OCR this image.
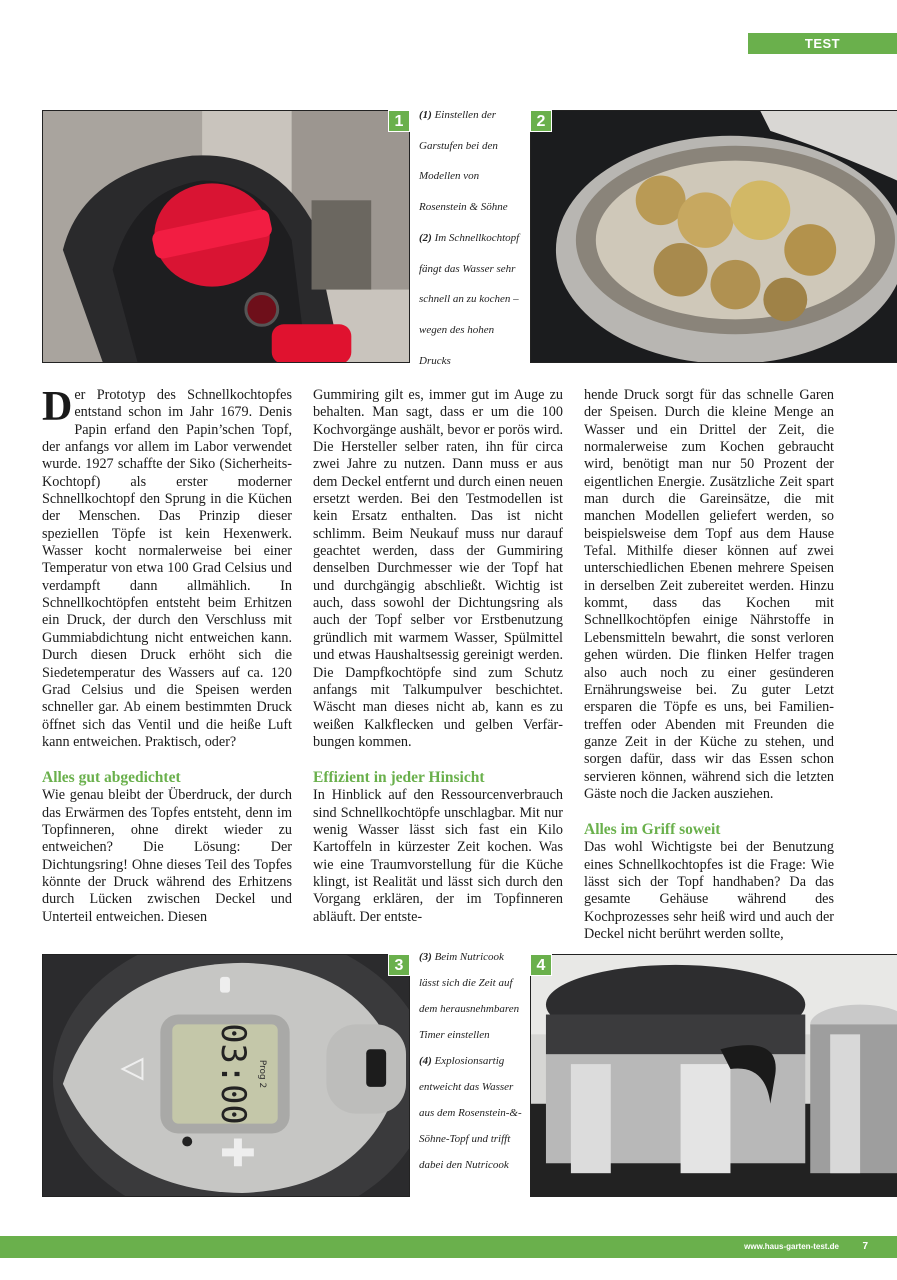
TEST
1	(1) Einstellen der Garstufen bei den Modellen von Rosenstein & Söhne
(2) Im Schnellkochtopf fängt das Wasser sehr schnell an zu kochen – wegen des hohen Drucks
2

Der Prototyp des Schnellkochtopfes entstand schon im Jahr 1679. Denis Papin erfand den Papin’schen Topf, der anfangs vor allem im Labor verwendet wurde. 1927 schaffte der Siko (Sicherheits-Kochtopf) als erster moderner Schnellkochtopf den Sprung in die Küchen der Menschen. Das Prinzip dieser speziellen Töpfe ist kein Hexenwerk. Wasser kocht normalerweise bei einer Temperatur von etwa 100 Grad Celsius und verdampft dann allmählich. In Schnellkochtöpfen entsteht beim Erhitzen ein Druck, der durch den Verschluss mit Gummiabdichtung nicht entweichen kann. Durch diesen Druck erhöht sich die Siedetemperatur des Wassers auf ca. 120 Grad Celsius und die Speisen werden schneller gar. Ab einem bestimmten Druck öffnet sich das Ventil und die heiße Luft kann entweichen. Praktisch, oder?

Alles gut abgedichtet

Wie genau bleibt der Überdruck, der durch das Erwärmen des Topfes entsteht, denn im Topfinneren, ohne direkt wieder zu entweichen? Die Lösung: Der Dichtungsring! Ohne dieses Teil des Topfes könnte der Druck während des Erhitzens durch Lücken zwischen Deckel und Unterteil entweichen. Diesen

Gummiring gilt es, immer gut im Auge zu behalten. Man sagt, dass er um die 100 Kochvorgänge aushält, bevor er porös wird. Die Hersteller selber raten, ihn für circa zwei Jahre zu nutzen. Dann muss er aus dem Deckel entfernt und durch einen neuen ersetzt werden. Bei den Testmodellen ist kein Ersatz enthalten. Das ist nicht schlimm. Beim Neukauf muss nur darauf geachtet werden, dass der Gummiring denselben Durchmesser wie der Topf hat und durchgängig abschließt. Wichtig ist auch, dass sowohl der Dichtungsring als auch der Topf selber vor Erstbenutzung gründlich mit warmem Wasser, Spülmittel und etwas Haushaltsessig gereinigt werden. Die Dampfkochtöpfe sind zum Schutz anfangs mit Talkumpulver beschichtet. Wäscht man dieses nicht ab, kann es zu weißen Kalkflecken und gelben Verfärbungen kommen.

Effizient in jeder Hinsicht

In Hinblick auf den Ressourcenverbrauch sind Schnellkochtöpfe unschlagbar. Mit nur wenig Wasser lässt sich fast ein Kilo Kartoffeln in kürzester Zeit kochen. Was wie eine Traumvorstellung für die Küche klingt, ist Realität und lässt sich durch den Vorgang erklären, der im Topfinneren abläuft. Der entste-

hende Druck sorgt für das schnelle Garen der Speisen. Durch die kleine Menge an Wasser und ein Drittel der Zeit, die normalerweise zum Kochen gebraucht wird, benötigt man nur 50 Prozent der eigentlichen Energie. Zusätzliche Zeit spart man durch die Gareinsätze, die mit manchen Modellen geliefert werden, so beispielsweise dem Topf aus dem Hause Tefal. Mithilfe dieser können auf zwei unterschiedlichen Ebenen mehrere Speisen in derselben Zeit zubereitet werden. Hinzu kommt, dass das Kochen mit Schnellkochtöpfen einige Nährstoffe in Lebensmitteln bewahrt, die sonst verloren gehen würden. Die flinken Helfer tragen also auch noch zu einer gesünderen Ernährungsweise bei. Zu guter Letzt ersparen die Töpfe es uns, bei Familientreffen oder Abenden mit Freunden die ganze Zeit in der Küche zu stehen, und sorgen dafür, dass wir das Essen schon servieren können, während sich die letzten Gäste noch die Jacken ausziehen.

Alles im Griff soweit

Das wohl Wichtigste bei der Benutzung eines Schnellkochtopfes ist die Frage: Wie lässt sich der Topf handhaben? Da das gesamte Gehäuse während des Kochprozesses sehr heiß wird und auch der Deckel nicht berührt werden sollte,

03:00 Prog 2
3	(3) Beim Nutricook lässt sich die Zeit auf dem herausnehmbaren Timer einstellen
(4) Explosionsartig entweicht das Wasser aus dem Rosenstein-&-Söhne-Topf und trifft dabei den Nutricook
4
www.haus-garten-test.de 7
